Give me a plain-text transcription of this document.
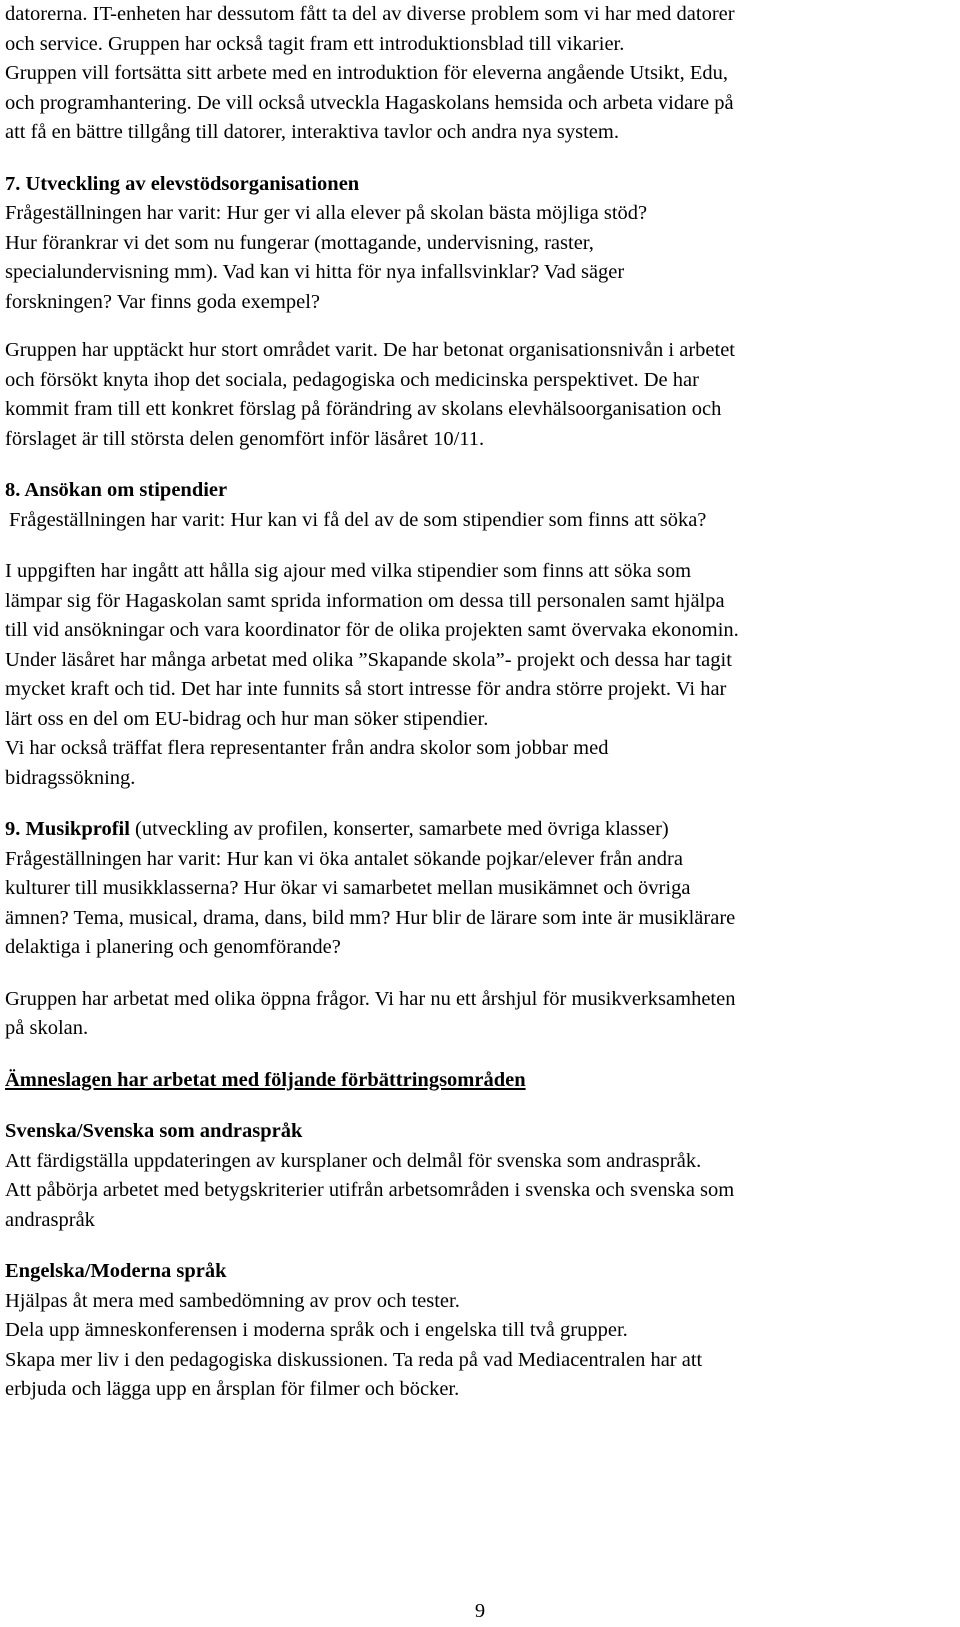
datorerna. IT-enheten har dessutom fått ta del av diverse problem som vi har med datorer
och service. Gruppen har också tagit fram ett introduktionsblad till vikarier.
Gruppen vill fortsätta sitt arbete med en introduktion för eleverna angående Utsikt, Edu,
och programhantering. De vill också utveckla Hagaskolans hemsida och arbeta vidare på
att få en bättre tillgång till datorer, interaktiva tavlor och andra nya system.
7. Utveckling av elevstödsorganisationen
Frågeställningen har varit: Hur ger vi alla elever på skolan bästa möjliga stöd?
Hur förankrar vi det som nu fungerar (mottagande, undervisning, raster,
specialundervisning mm). Vad kan vi hitta för nya infallsvinklar? Vad säger
forskningen? Var finns goda exempel?
Gruppen har upptäckt hur stort området varit. De har betonat organisationsnivån i arbetet
och försökt knyta ihop det sociala, pedagogiska och medicinska perspektivet. De har
kommit fram till ett konkret förslag på förändring av skolans elevhälsoorganisation och
förslaget är till största delen genomfört inför läsåret 10/11.
8. Ansökan om stipendier
Frågeställningen har varit: Hur kan vi få del av de som stipendier som finns att söka?
I uppgiften har ingått att hålla sig ajour med vilka stipendier som finns att söka som
lämpar sig för Hagaskolan samt sprida information om dessa till personalen samt hjälpa
till vid ansökningar och vara koordinator för de olika projekten samt övervaka ekonomin.
Under läsåret har många arbetat med olika ”Skapande skola”- projekt och dessa har tagit
mycket kraft och tid. Det har inte funnits så stort intresse för andra större projekt. Vi har
lärt oss en del om EU-bidrag och hur man söker stipendier.
Vi har också träffat flera representanter från andra skolor som jobbar med
bidragssökning.
9. Musikprofil (utveckling av profilen, konserter, samarbete med övriga klasser)
Frågeställningen har varit: Hur kan vi öka antalet sökande pojkar/elever från andra
kulturer till musikklasserna? Hur ökar vi samarbetet mellan musikämnet och övriga
ämnen? Tema, musical, drama, dans, bild mm? Hur blir de lärare som inte är musiklärare
delaktiga i planering och genomförande?
Gruppen har arbetat med olika öppna frågor. Vi har nu ett årshjul för musikverksamheten
på skolan.
Ämneslagen har arbetat med följande förbättringsområden
Svenska/Svenska som andraspråk
Att färdigställa uppdateringen av kursplaner och delmål för svenska som andraspråk.
Att påbörja arbetet med betygskriterier utifrån arbetsområden i svenska och svenska som
andraspråk
Engelska/Moderna språk
Hjälpas åt mera med sambedömning av prov och tester.
Dela upp ämneskonferensen i moderna språk och i engelska till två grupper.
Skapa mer liv i den pedagogiska diskussionen. Ta reda på vad Mediacentralen har att
erbjuda och lägga upp en årsplan för filmer och böcker.
9
